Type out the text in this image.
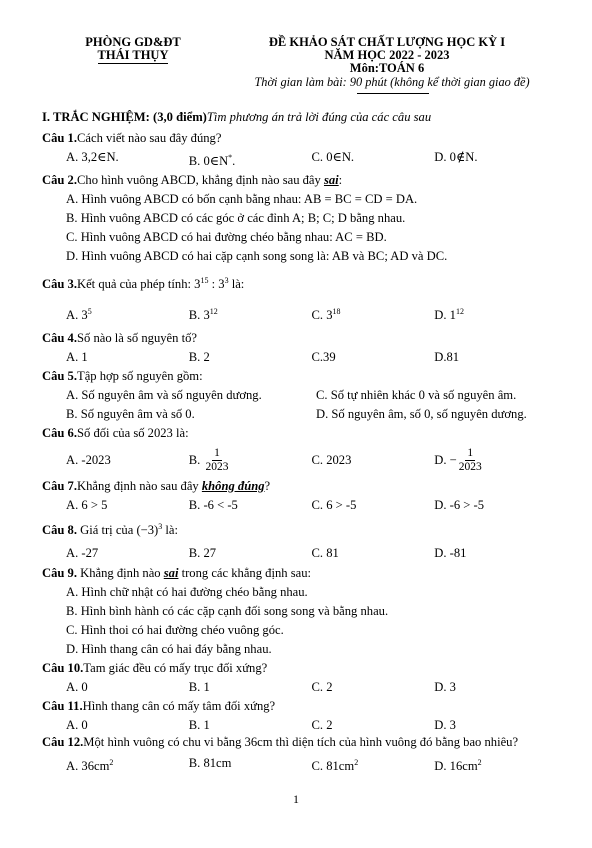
PHÒNG GD&ĐT
THÁI THỤY
ĐỀ KHẢO SÁT CHẤT LƯỢNG HỌC KỲ I
NĂM HỌC 2022 - 2023
Môn:TOÁN 6
Thời gian làm bài: 90 phút (không kể thời gian giao đề)
I. TRẮC NGHIỆM: (3,0 điểm)Tìm phương án trả lời đúng của các câu sau
Câu 1.Cách viết nào sau đây đúng?
A. 3,2∈N.	B. 0∈N*.	C. 0∈N.	D. 0∉N.
Câu 2.Cho hình vuông ABCD, khẳng định nào sau đây sai:
A. Hình vuông ABCD có bốn cạnh bằng nhau: AB = BC = CD = DA.
B. Hình vuông ABCD có các góc ở các đỉnh A; B; C; D bằng nhau.
C. Hình vuông ABCD có hai đường chéo bằng nhau: AC = BD.
D. Hình vuông ABCD có hai cặp cạnh song song là: AB và BC; AD và DC.
Câu 3.Kết quả của phép tính: $3^{15}$ : $3^3$ là:
A. $3^5$	B. $3^{12}$	C. $3^{18}$	D. $1^{12}$
Câu 4.Số nào là số nguyên tố?
A. 1	B. 2	C.39	D.81
Câu 5.Tập hợp số nguyên gồm:
A. Số nguyên âm và số nguyên dương.	C. Số tự nhiên khác 0 và số nguyên âm.
B. Số nguyên âm và số 0.	D. Số nguyên âm, số 0, số nguyên dương.
Câu 6.Số đối của số 2023 là:
A. -2023	B. $\frac{1}{2023}$	C. 2023	D. − $\frac{1}{2023}$
Câu 7.Khẳng định nào sau đây không đúng?
A. 6 > 5	B. -6 < -5	C. 6 > -5	D. -6 > -5
Câu 8. Giá trị của $(-3)^3$ là:
A. -27	B. 27	C. 81	D. -81
Câu 9. Khẳng định nào sai trong các khẳng định sau:
A. Hình chữ nhật có hai đường chéo bằng nhau.
B. Hình bình hành có các cặp cạnh đối song song và bằng nhau.
C. Hình thoi có hai đường chéo vuông góc.
D. Hình thang cân có hai đáy bằng nhau.
Câu 10.Tam giác đều có mấy trục đối xứng?
A. 0	B. 1	C. 2	D. 3
Câu 11.Hình thang cân có mấy tâm đối xứng?
A. 0	B. 1	C. 2	D. 3
Câu 12.Một hình vuông có chu vi bằng 36cm thì diện tích của hình vuông đó bằng bao nhiêu?
A. $36cm^2$	B. 81cm	C. $81cm^2$	D. $16cm^2$
1
